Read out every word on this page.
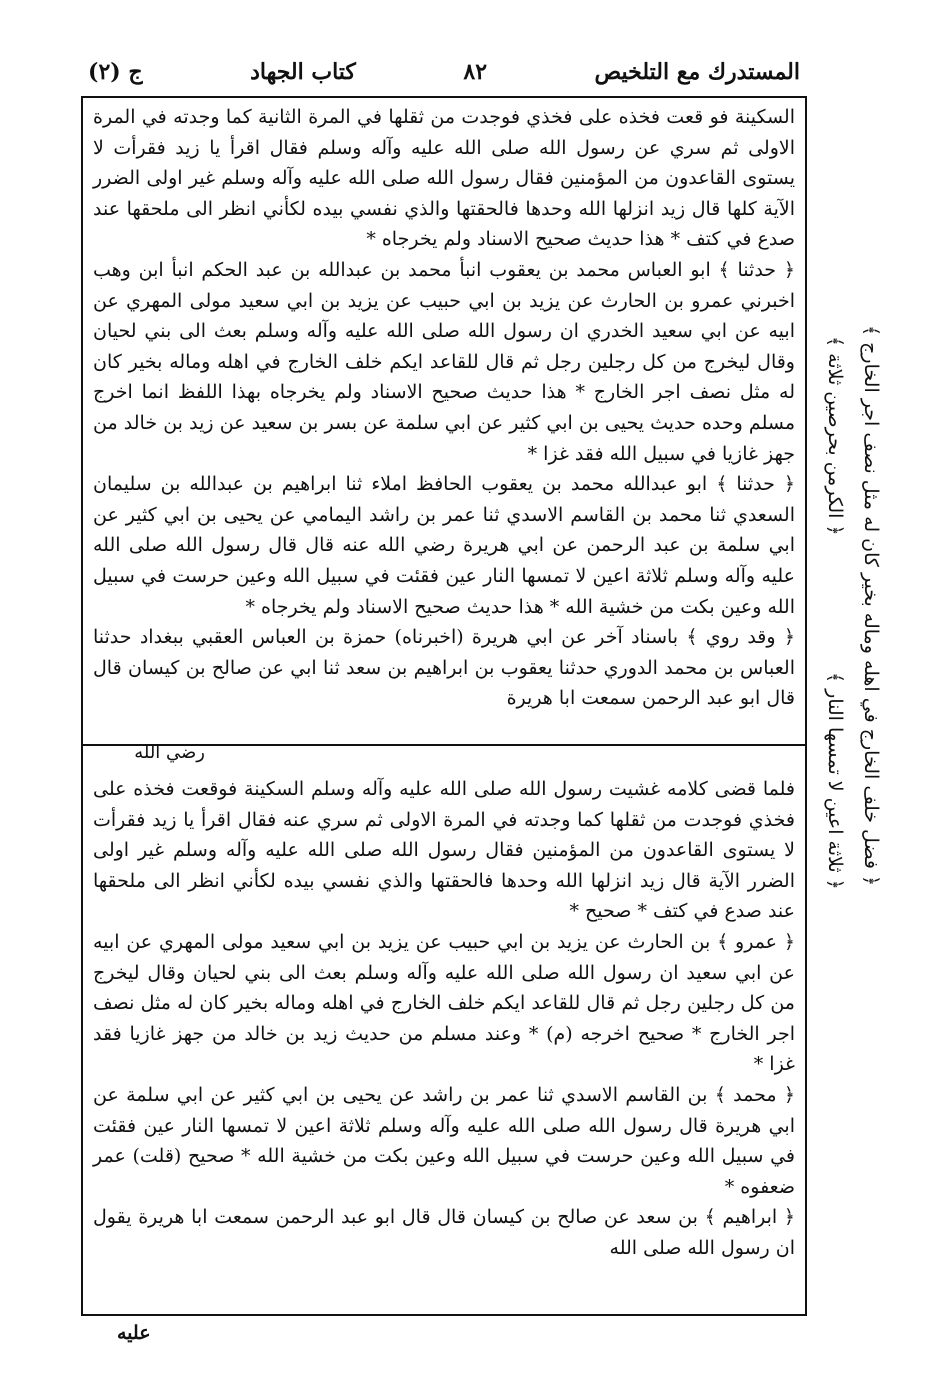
المستدرك مع التلخيص
٨٢
كتاب الجهاد
ج (٢)

السكينة فو قعت فخذه على فخذي فوجدت من ثقلها في المرة الثانية كما وجدته في المرة الاولى ثم سري عن رسول الله صلى الله عليه وآله وسلم فقال اقرأ يا زيد فقرأت لا يستوى القاعدون من المؤمنين فقال رسول الله صلى الله عليه وآله وسلم غير اولى الضرر الآية كلها قال زيد انزلها الله وحدها فالحقتها والذي نفسي بيده لكأني انظر الى ملحقها عند صدع في كتف * هذا حديث صحيح الاسناد ولم يخرجاه *

﴿ حدثنا ﴾ ابو العباس محمد بن يعقوب انبأ محمد بن عبدالله بن عبد الحكم انبأ ابن وهب اخبرني عمرو بن الحارث عن يزيد بن ابي حبيب عن يزيد بن ابي سعيد مولى المهري عن ابيه عن ابي سعيد الخدري ان رسول الله صلى الله عليه وآله وسلم بعث الى بني لحيان وقال ليخرج من كل رجلين رجل ثم قال للقاعد ايكم خلف الخارج في اهله وماله بخير كان له مثل نصف اجر الخارج * هذا حديث صحيح الاسناد ولم يخرجاه بهذا اللفظ انما اخرج مسلم وحده حديث يحيى بن ابي كثير عن ابي سلمة عن بسر بن سعيد عن زيد بن خالد من جهز غازيا في سبيل الله فقد غزا *

﴿ حدثنا ﴾ ابو عبدالله محمد بن يعقوب الحافظ املاء ثنا ابراهيم بن عبدالله بن سليمان السعدي ثنا محمد بن القاسم الاسدي ثنا عمر بن راشد اليمامي عن يحيى بن ابي كثير عن ابي سلمة بن عبد الرحمن عن ابي هريرة رضي الله عنه قال قال رسول الله صلى الله عليه وآله وسلم ثلاثة اعين لا تمسها النار عين فقئت في سبيل الله وعين حرست في سبيل الله وعين بكت من خشية الله * هذا حديث صحيح الاسناد ولم يخرجاه *

﴿ وقد روي ﴾ باسناد آخر عن ابي هريرة (اخبرناه) حمزة بن العباس العقبي ببغداد حدثنا العباس بن محمد الدوري حدثنا يعقوب بن ابراهيم بن سعد ثنا ابي عن صالح بن كيسان قال قال ابو عبد الرحمن سمعت ابا هريرة

رضي الله

فلما قضى كلامه غشيت رسول الله صلى الله عليه وآله وسلم السكينة فوقعت فخذه على فخذي فوجدت من ثقلها كما وجدته في المرة الاولى ثم سري عنه فقال اقرأ يا زيد فقرأت لا يستوى القاعدون من المؤمنين فقال رسول الله صلى الله عليه وآله وسلم غير اولى الضرر الآية قال زيد انزلها الله وحدها فالحقتها والذي نفسي بيده لكأني انظر الى ملحقها عند صدع في كتف * صحيح *

﴿ عمرو ﴾ بن الحارث عن يزيد بن ابي حبيب عن يزيد بن ابي سعيد مولى المهري عن ابيه عن ابي سعيد ان رسول الله صلى الله عليه وآله وسلم بعث الى بني لحيان وقال ليخرج من كل رجلين رجل ثم قال للقاعد ايكم خلف الخارج في اهله وماله بخير كان له مثل نصف اجر الخارج * صحيح اخرجه (م) * وعند مسلم من حديث زيد بن خالد من جهز غازيا فقد غزا *

﴿ محمد ﴾ بن القاسم الاسدي ثنا عمر بن راشد عن يحيى بن ابي كثير عن ابي سلمة عن ابي هريرة قال رسول الله صلى الله عليه وآله وسلم ثلاثة اعين لا تمسها النار عين فقئت في سبيل الله وعين حرست في سبيل الله وعين بكت من خشية الله * صحيح (قلت) عمر ضعفوه *

﴿ ابراهيم ﴾ بن سعد عن صالح بن كيسان قال قال ابو عبد الرحمن سمعت ابا هريرة يقول ان رسول الله صلى الله

﴿ الكرمن بحرصين ثلاثة ﴾ ﴿ فضل خلف الخارج في اهله وماله بخير كان له مثل نصف اجر الخارج ﴾
﴿ ثلاثة اعين لا تمسها النار ﴾
عليه
